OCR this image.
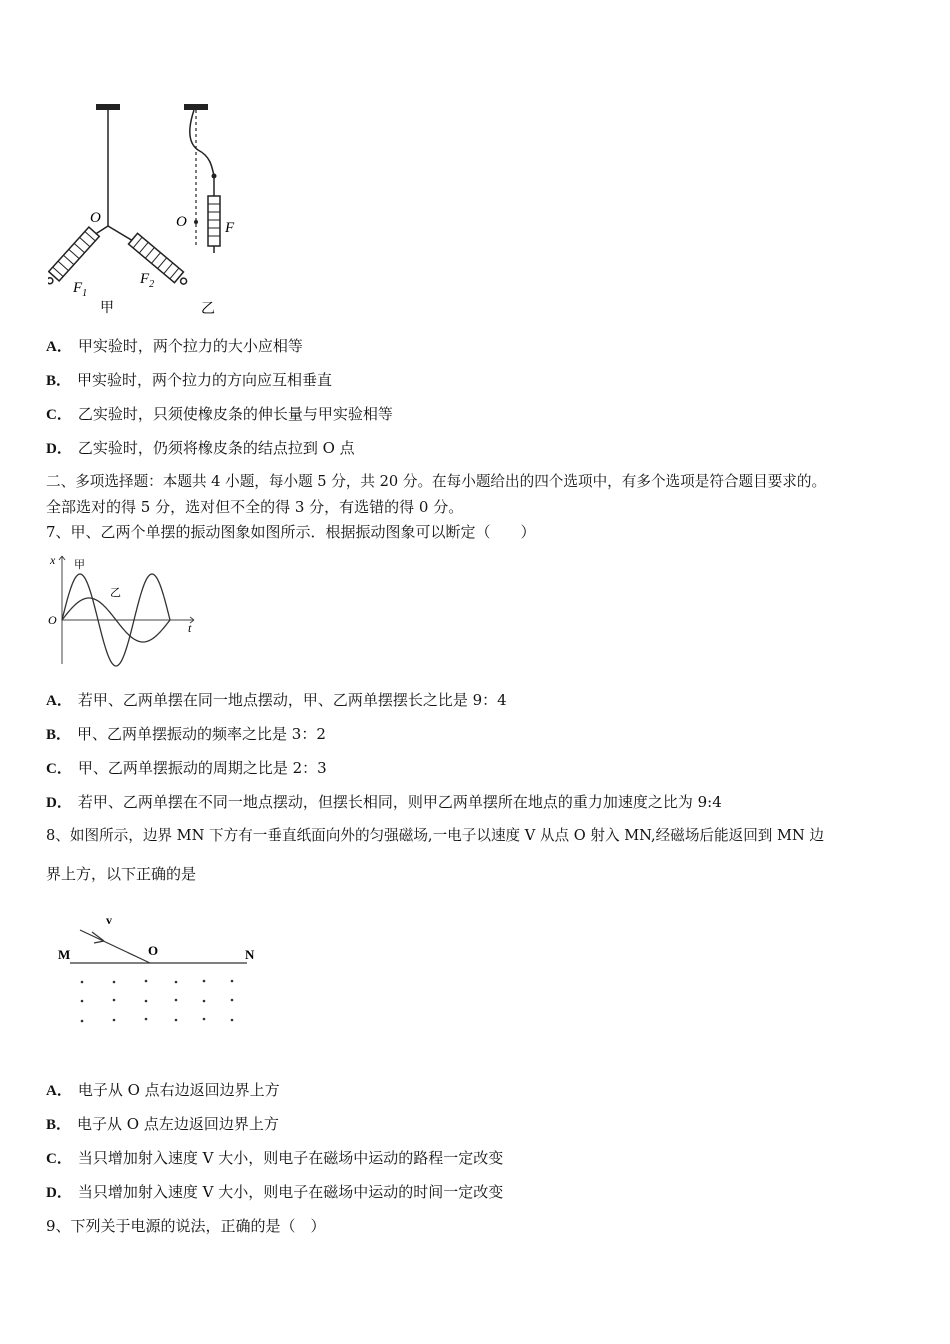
O
$F_1$
$F_2$
甲
O	F
乙
A． 甲实验时，两个拉力的大小应相等
B． 甲实验时，两个拉力的方向应互相垂直
C． 乙实验时，只须使橡皮条的伸长量与甲实验相等
D． 乙实验时，仍须将橡皮条的结点拉到 O 点
二、多项选择题：本题共 4 小题，每小题 5 分，共 20 分。在每小题给出的四个选项中，有多个选项是符合题目要求的。
全部选对的得 5 分，选对但不全的得 3 分，有选错的得 0 分。
7、甲、乙两个单摆的振动图象如图所示．根据振动图象可以断定（　　）
x
t
O
甲
乙
A． 若甲、乙两单摆在同一地点摆动，甲、乙两单摆摆长之比是 9：4
B． 甲、乙两单摆振动的频率之比是 3：2
C． 甲、乙两单摆振动的周期之比是 2：3
D． 若甲、乙两单摆在不同一地点摆动，但摆长相同，则甲乙两单摆所在地点的重力加速度之比为 9:4
8、如图所示，边界 MN 下方有一垂直纸面向外的匀强磁场,一电子以速度 V 从点 O 射入 MN,经磁场后能返回到 MN 边
界上方，以下正确的是
M	N
O
v
A． 电子从 O 点右边返回边界上方
B． 电子从 O 点左边返回边界上方
C． 当只增加射入速度 V 大小，则电子在磁场中运动的路程一定改变
D． 当只增加射入速度 V 大小，则电子在磁场中运动的时间一定改变
9、下列关于电源的说法，正确的是（　）
